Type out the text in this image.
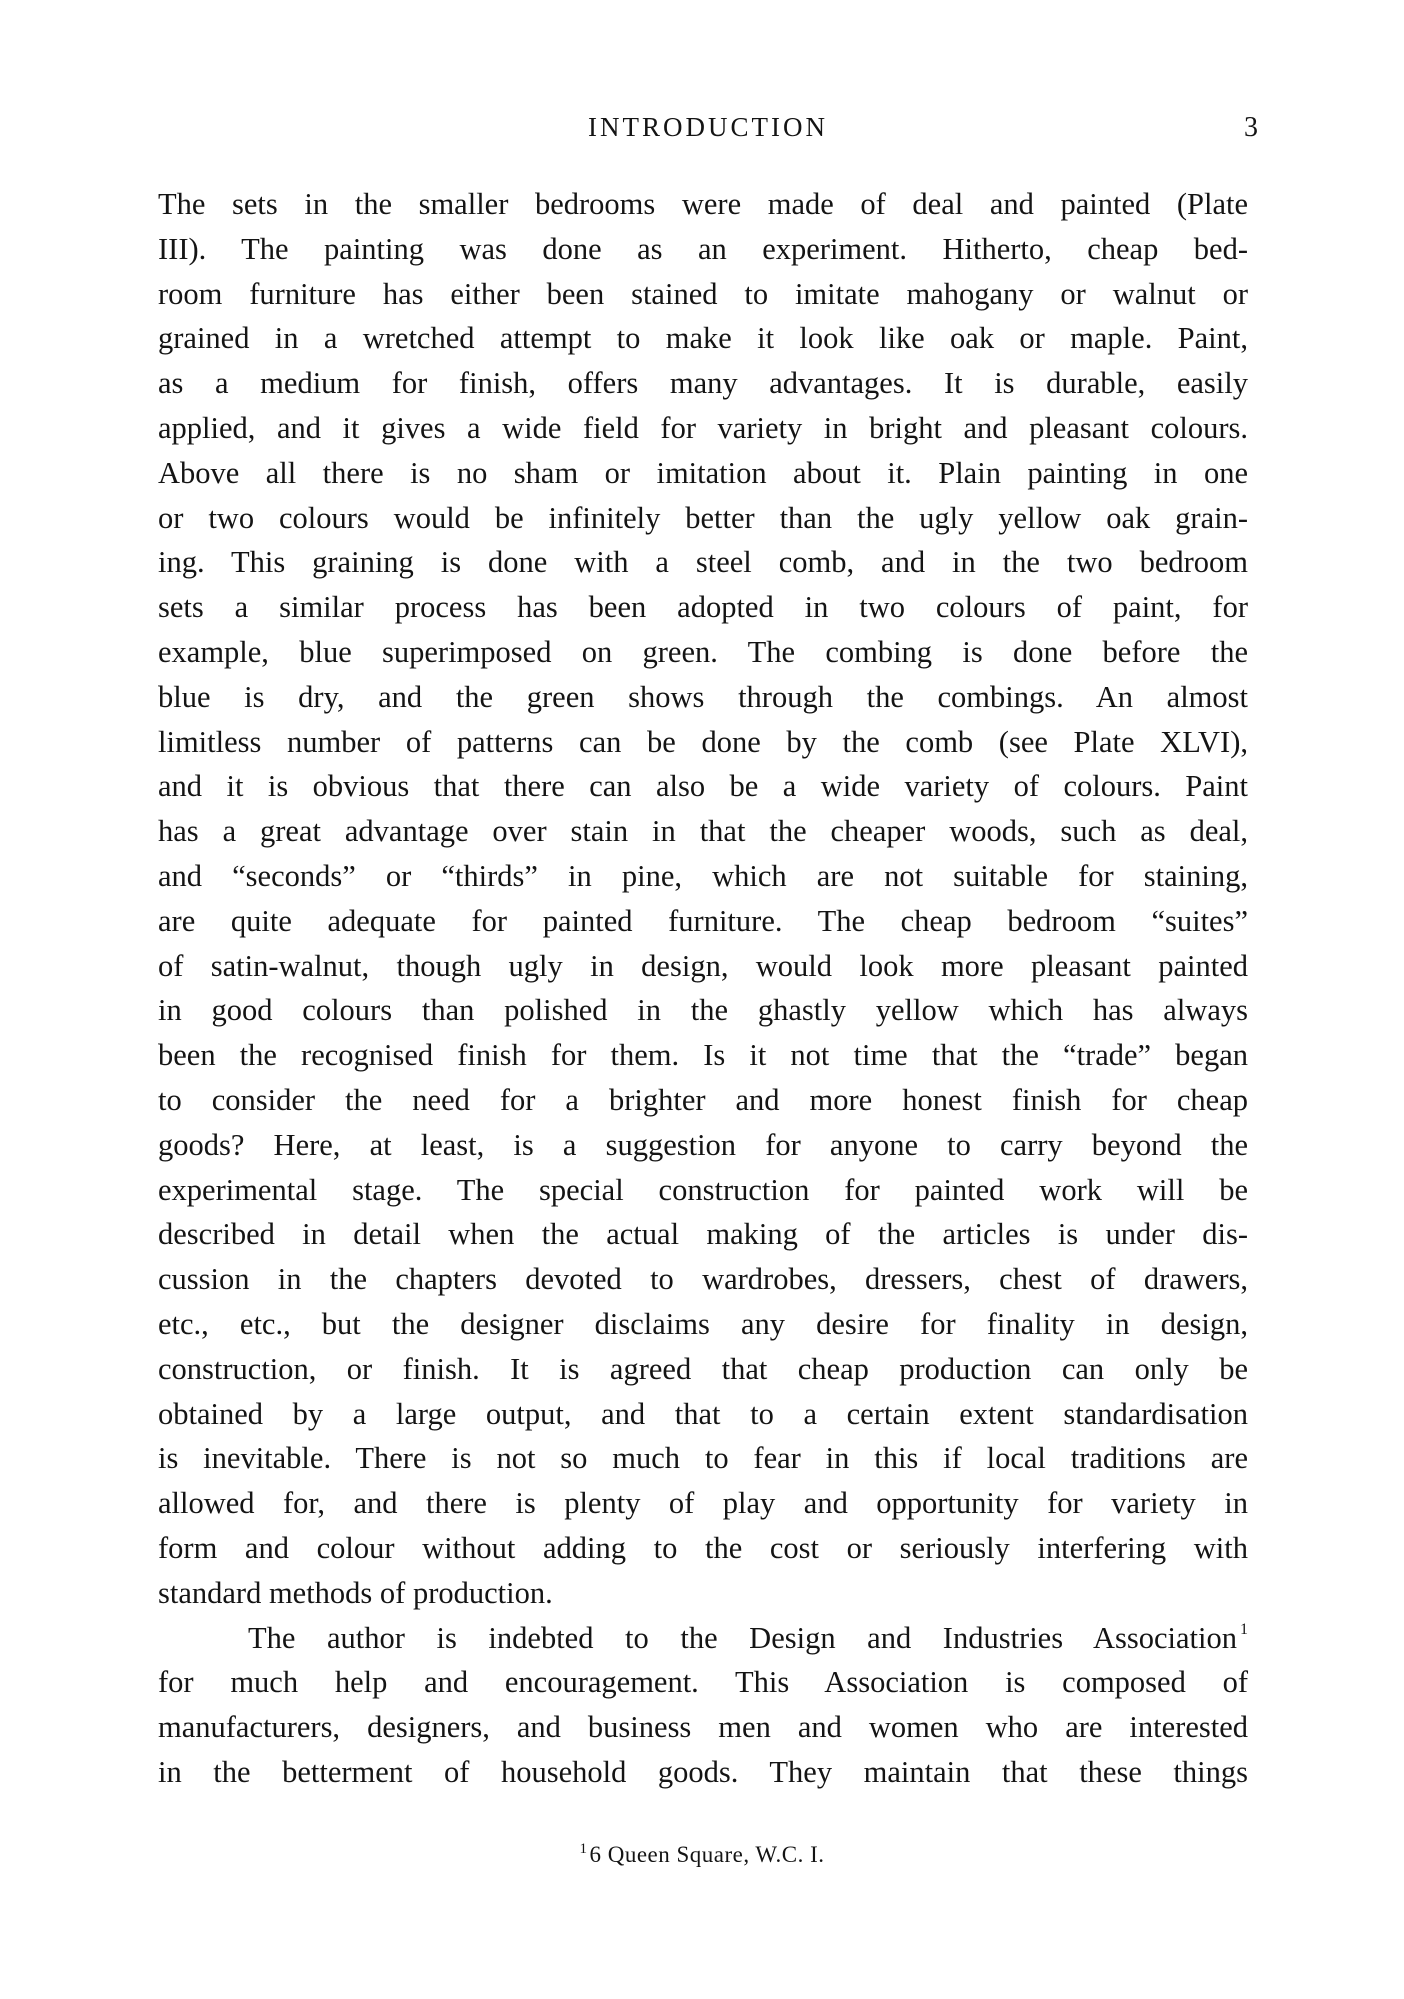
INTRODUCTION	3
The sets in the smaller bedrooms were made of deal and painted (Plate
III). The painting was done as an experiment. Hitherto, cheap bed-
room furniture has either been stained to imitate mahogany or walnut or
grained in a wretched attempt to make it look like oak or maple. Paint,
as a medium for finish, offers many advantages. It is durable, easily
applied, and it gives a wide field for variety in bright and pleasant colours.
Above all there is no sham or imitation about it. Plain painting in one
or two colours would be infinitely better than the ugly yellow oak grain-
ing. This graining is done with a steel comb, and in the two bedroom
sets a similar process has been adopted in two colours of paint, for
example, blue superimposed on green. The combing is done before the
blue is dry, and the green shows through the combings. An almost
limitless number of patterns can be done by the comb (see Plate XLVI),
and it is obvious that there can also be a wide variety of colours. Paint
has a great advantage over stain in that the cheaper woods, such as deal,
and “seconds” or “thirds” in pine, which are not suitable for staining,
are quite adequate for painted furniture. The cheap bedroom “suites”
of satin-walnut, though ugly in design, would look more pleasant painted
in good colours than polished in the ghastly yellow which has always
been the recognised finish for them. Is it not time that the “trade” began
to consider the need for a brighter and more honest finish for cheap
goods? Here, at least, is a suggestion for anyone to carry beyond the
experimental stage. The special construction for painted work will be
described in detail when the actual making of the articles is under dis-
cussion in the chapters devoted to wardrobes, dressers, chest of drawers,
etc., etc., but the designer disclaims any desire for finality in design,
construction, or finish. It is agreed that cheap production can only be
obtained by a large output, and that to a certain extent standardisation
is inevitable. There is not so much to fear in this if local traditions are
allowed for, and there is plenty of play and opportunity for variety in
form and colour without adding to the cost or seriously interfering with
standard methods of production.
The author is indebted to the Design and Industries Association $^1$
for much help and encouragement. This Association is composed of
manufacturers, designers, and business men and women who are interested
in the betterment of household goods. They maintain that these things
$^1$6 Queen Square, W.C. I.
